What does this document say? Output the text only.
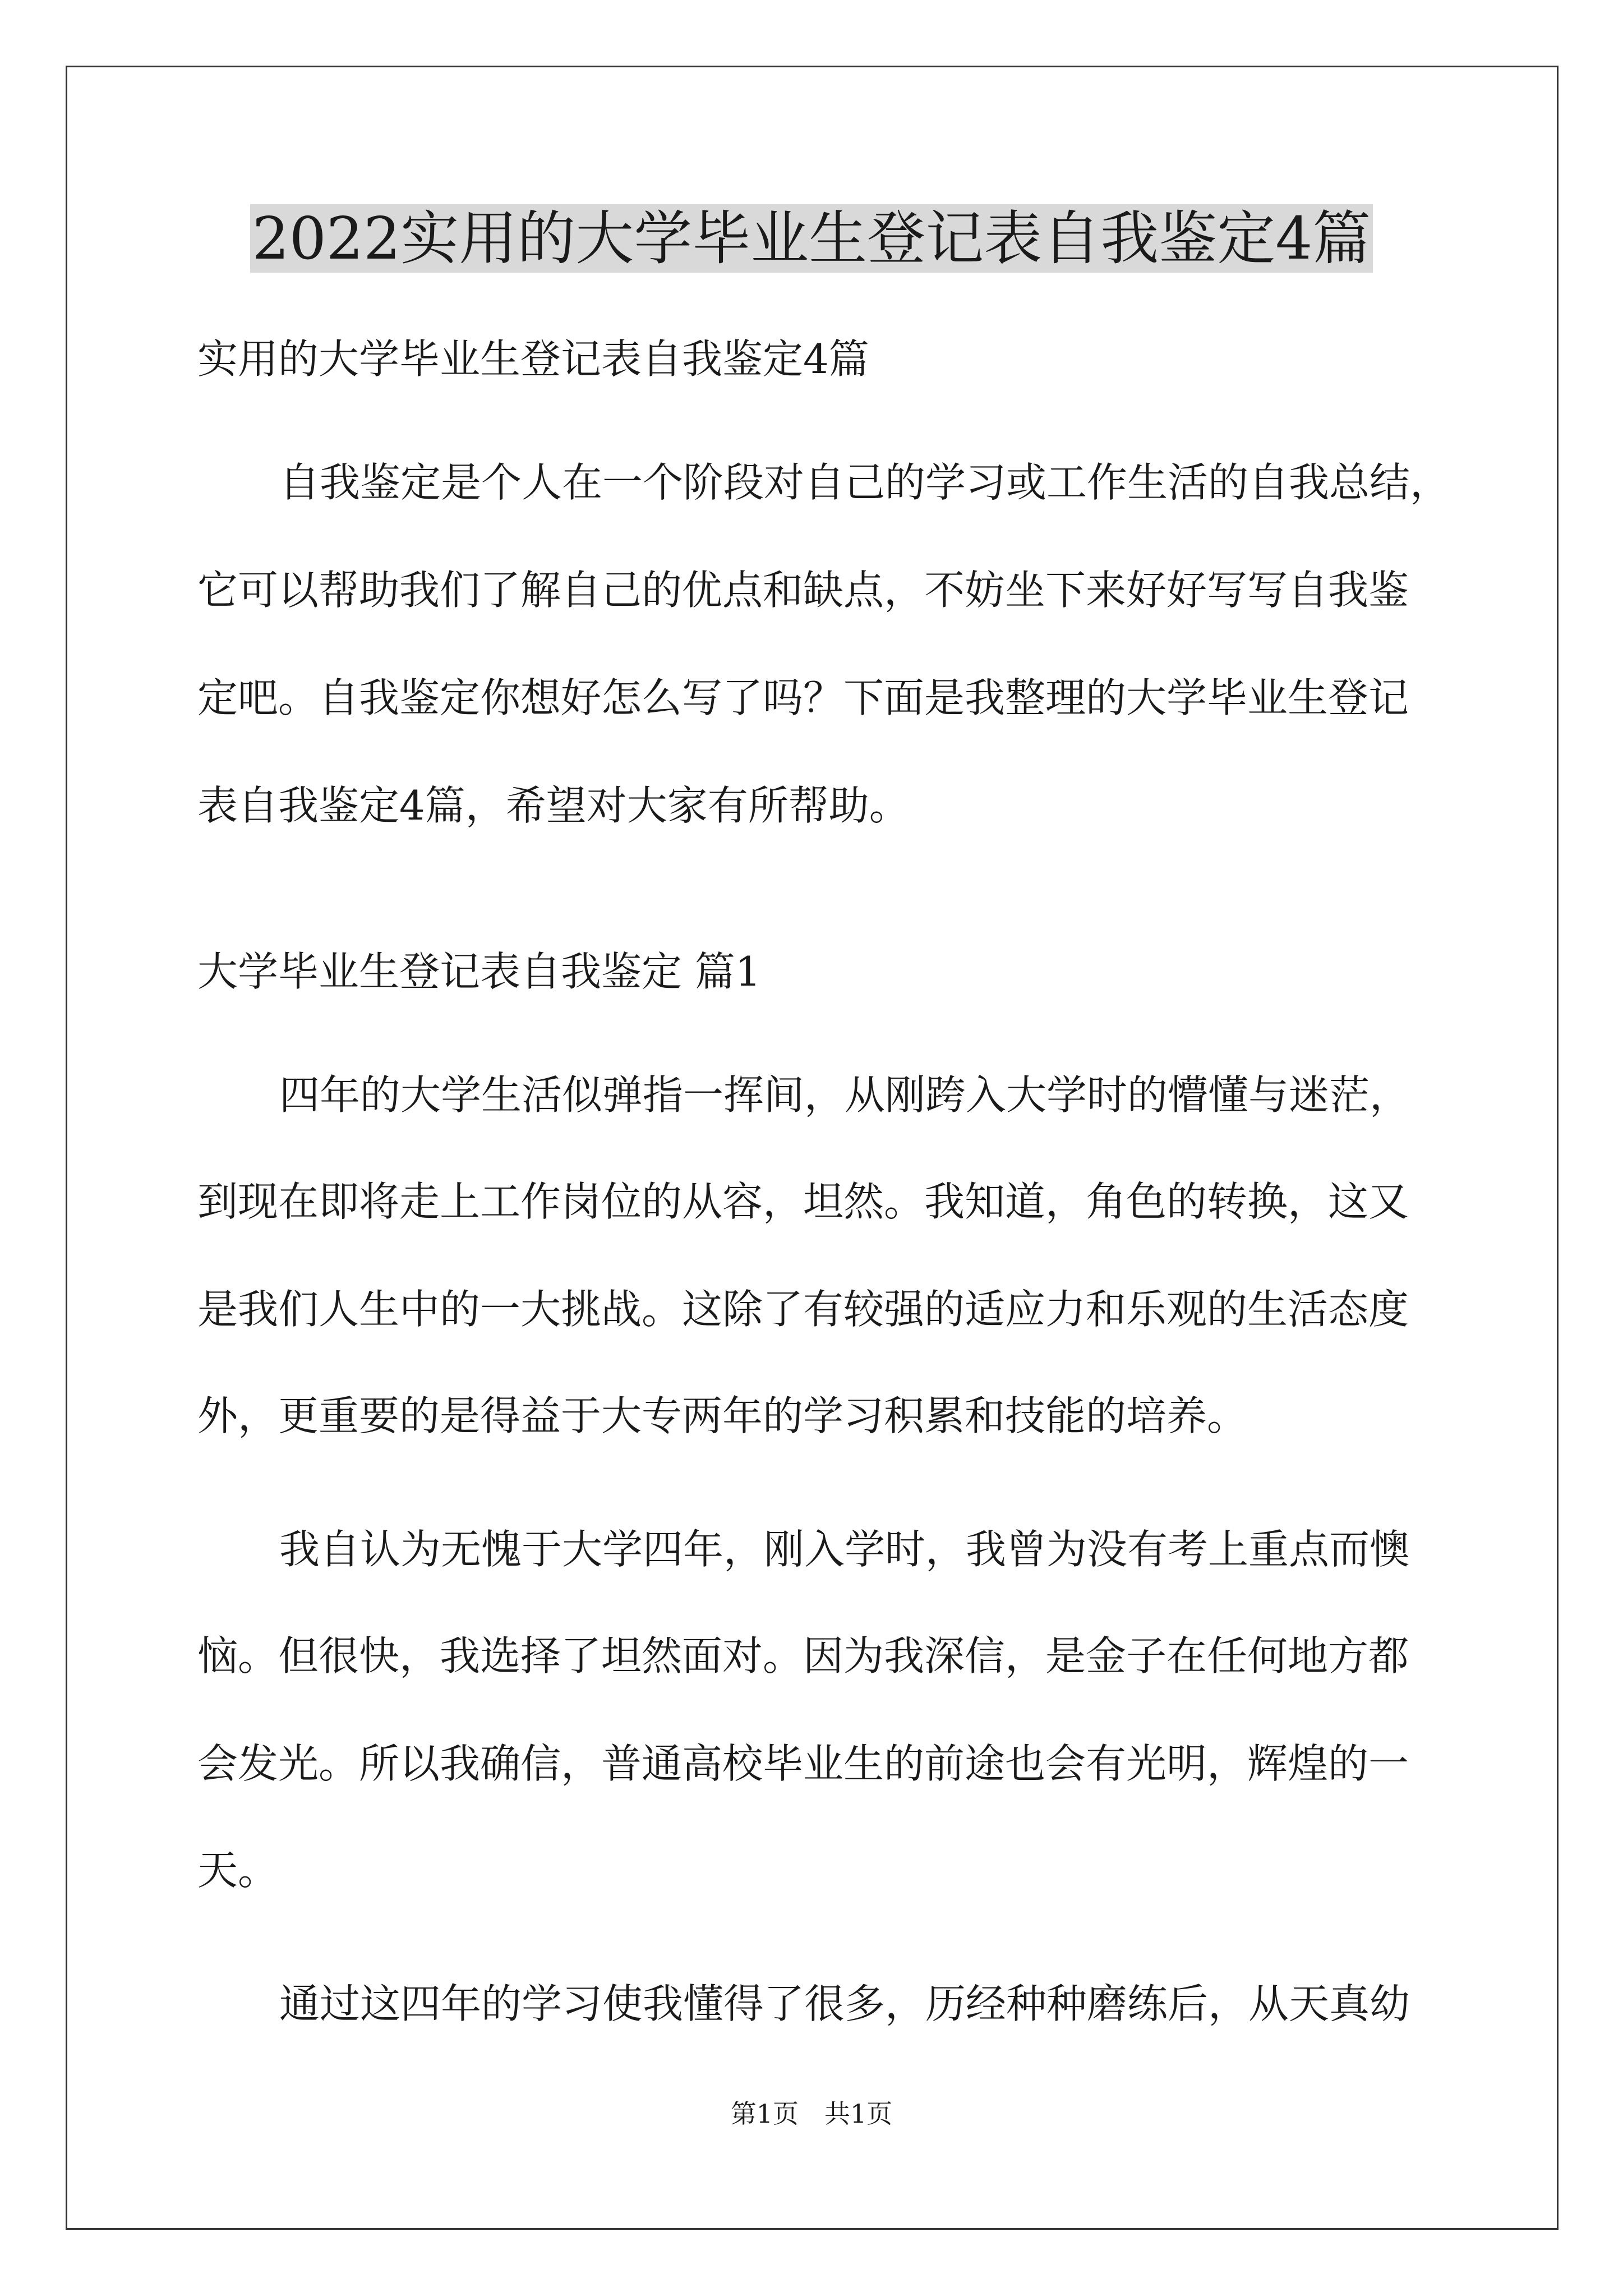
2022实用的大学毕业生登记表自我鉴定4篇
实用的大学毕业生登记表自我鉴定4篇
自我鉴定是个人在一个阶段对自己的学习或工作生活的自我总结，
它可以帮助我们了解自己的优点和缺点，不妨坐下来好好写写自我鉴
定吧。自我鉴定你想好怎么写了吗？下面是我整理的大学毕业生登记
表自我鉴定4篇，希望对大家有所帮助。
大学毕业生登记表自我鉴定 篇1
四年的大学生活似弹指一挥间，从刚跨入大学时的懵懂与迷茫，
到现在即将走上工作岗位的从容，坦然。我知道，角色的转换，这又
是我们人生中的一大挑战。这除了有较强的适应力和乐观的生活态度
外，更重要的是得益于大专两年的学习积累和技能的培养。
我自认为无愧于大学四年，刚入学时，我曾为没有考上重点而懊
恼。但很快，我选择了坦然面对。因为我深信，是金子在任何地方都
会发光。所以我确信，普通高校毕业生的前途也会有光明，辉煌的一
天。
通过这四年的学习使我懂得了很多，历经种种磨练后，从天真幼
第1页　共1页
